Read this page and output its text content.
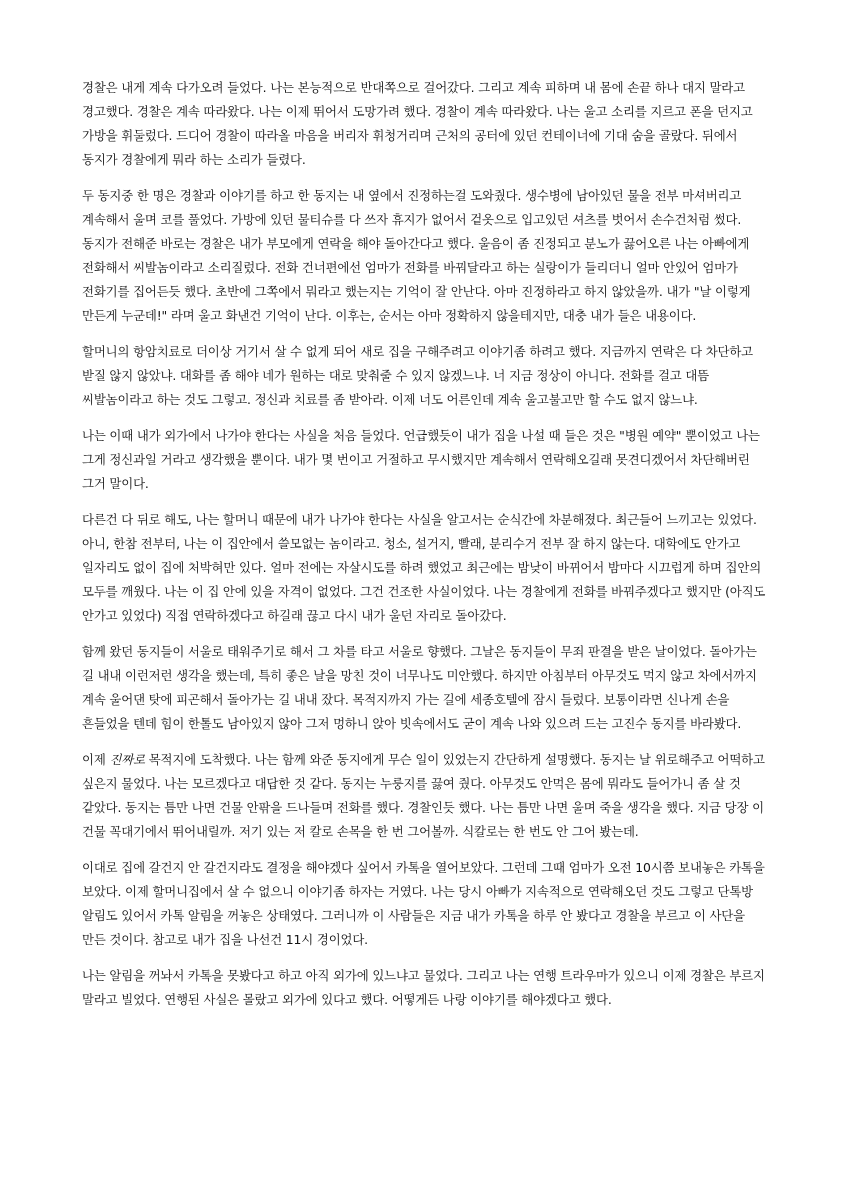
경찰은 내게 계속 다가오려 들었다. 나는 본능적으로 반대쪽으로 걸어갔다. 그리고 계속 피하며 내 몸에 손끝 하나 대지 말라고 경고했다. 경찰은 계속 따라왔다. 나는 이제 뛰어서 도망가려 했다. 경찰이 계속 따라왔다. 나는 울고 소리를 지르고 폰을 던지고 가방을 휘둘렀다. 드디어 경찰이 따라올 마음을 버리자 휘청거리며 근처의 공터에 있던 컨테이너에 기대 숨을 골랐다. 뒤에서 동지가 경찰에게 뭐라 하는 소리가 들렸다.

두 동지중 한 명은 경찰과 이야기를 하고 한 동지는 내 옆에서 진정하는걸 도와줬다. 생수병에 남아있던 물을 전부 마셔버리고 계속해서 울며 코를 풀었다. 가방에 있던 물티슈를 다 쓰자 휴지가 없어서 겉옷으로 입고있던 셔츠를 벗어서 손수건처럼 썼다. 동지가 전해준 바로는 경찰은 내가 부모에게 연락을 해야 돌아간다고 했다. 울음이 좀 진정되고 분노가 끓어오른 나는 아빠에게 전화해서 씨발놈이라고 소리질렀다. 전화 건너편에선 엄마가 전화를 바꿔달라고 하는 실랑이가 들리더니 얼마 안있어 엄마가 전화기를 집어든듯 했다. 초반에 그쪽에서 뭐라고 했는지는 기억이 잘 안난다. 아마 진정하라고 하지 않았을까. 내가 "날 이렇게 만든게 누군데!" 라며 울고 화낸건 기억이 난다. 이후는, 순서는 아마 정확하지 않을테지만, 대충 내가 들은 내용이다.

할머니의 항암치료로 더이상 거기서 살 수 없게 되어 새로 집을 구해주려고 이야기좀 하려고 했다. 지금까지 연락은 다 차단하고 받질 않지 않았냐. 대화를 좀 해야 네가 원하는 대로 맞춰줄 수 있지 않겠느냐. 너 지금 정상이 아니다. 전화를 걸고 대뜸 씨발놈이라고 하는 것도 그렇고. 정신과 치료를 좀 받아라. 이제 너도 어른인데 계속 울고불고만 할 수도 없지 않느냐.

나는 이때 내가 외가에서 나가야 한다는 사실을 처음 들었다. 언급했듯이 내가 집을 나설 때 들은 것은 "병원 예약" 뿐이었고 나는 그게 정신과일 거라고 생각했을 뿐이다. 내가 몇 번이고 거절하고 무시했지만 계속해서 연락해오길래 못견디겠어서 차단해버린 그거 말이다.

다른건 다 뒤로 해도, 나는 할머니 때문에 내가 나가야 한다는 사실을 알고서는 순식간에 차분해졌다. 최근들어 느끼고는 있었다. 아니, 한참 전부터, 나는 이 집안에서 쓸모없는 놈이라고. 청소, 설거지, 빨래, 분리수거 전부 잘 하지 않는다. 대학에도 안가고 일자리도 없이 집에 처박혀만 있다. 얼마 전에는 자살시도를 하려 했었고 최근에는 밤낮이 바뀌어서 밤마다 시끄럽게 하며 집안의 모두를 깨웠다. 나는 이 집 안에 있을 자격이 없었다. 그건 건조한 사실이었다. 나는 경찰에게 전화를 바꿔주겠다고 했지만 (아직도 안가고 있었다) 직접 연락하겠다고 하길래 끊고 다시 내가 울던 자리로 돌아갔다.

함께 왔던 동지들이 서울로 태워주기로 해서 그 차를 타고 서울로 향했다. 그날은 동지들이 무죄 판결을 받은 날이었다. 돌아가는 길 내내 이런저런 생각을 했는데, 특히 좋은 날을 망친 것이 너무나도 미안했다. 하지만 아침부터 아무것도 먹지 않고 차에서까지 계속 울어댄 탓에 피곤해서 돌아가는 길 내내 잤다. 목적지까지 가는 길에 세종호텔에 잠시 들렀다. 보통이라면 신나게 손을 흔들었을 텐데 힘이 한톨도 남아있지 않아 그저 멍하니 앉아 빗속에서도 굳이 계속 나와 있으려 드는 고진수 동지를 바라봤다.

이제 진짜로 목적지에 도착했다. 나는 함께 와준 동지에게 무슨 일이 있었는지 간단하게 설명했다. 동지는 날 위로해주고 어떡하고 싶은지 물었다. 나는 모르겠다고 대답한 것 같다. 동지는 누룽지를 끓여 줬다. 아무것도 안먹은 몸에 뭐라도 들어가니 좀 살 것 같았다. 동지는 틈만 나면 건물 안팎을 드나들며 전화를 했다. 경찰인듯 했다. 나는 틈만 나면 울며 죽을 생각을 했다. 지금 당장 이 건물 꼭대기에서 뛰어내릴까. 저기 있는 저 칼로 손목을 한 번 그어볼까. 식칼로는 한 번도 안 그어 봤는데.

이대로 집에 갈건지 안 갈건지라도 결정을 해야겠다 싶어서 카톡을 열어보았다. 그런데 그때 엄마가 오전 10시쯤 보내놓은 카톡을 보았다. 이제 할머니집에서 살 수 없으니 이야기좀 하자는 거였다. 나는 당시 아빠가 지속적으로 연락해오던 것도 그렇고 단톡방 알림도 있어서 카톡 알림을 꺼놓은 상태였다. 그러니까 이 사람들은 지금 내가 카톡을 하루 안 봤다고 경찰을 부르고 이 사단을 만든 것이다. 참고로 내가 집을 나선건 11시 경이었다.

나는 알림을 꺼놔서 카톡을 못봤다고 하고 아직 외가에 있느냐고 물었다. 그리고 나는 연행 트라우마가 있으니 이제 경찰은 부르지 말라고 빌었다. 연행된 사실은 몰랐고 외가에 있다고 했다. 어떻게든 나랑 이야기를 해야겠다고 했다.
